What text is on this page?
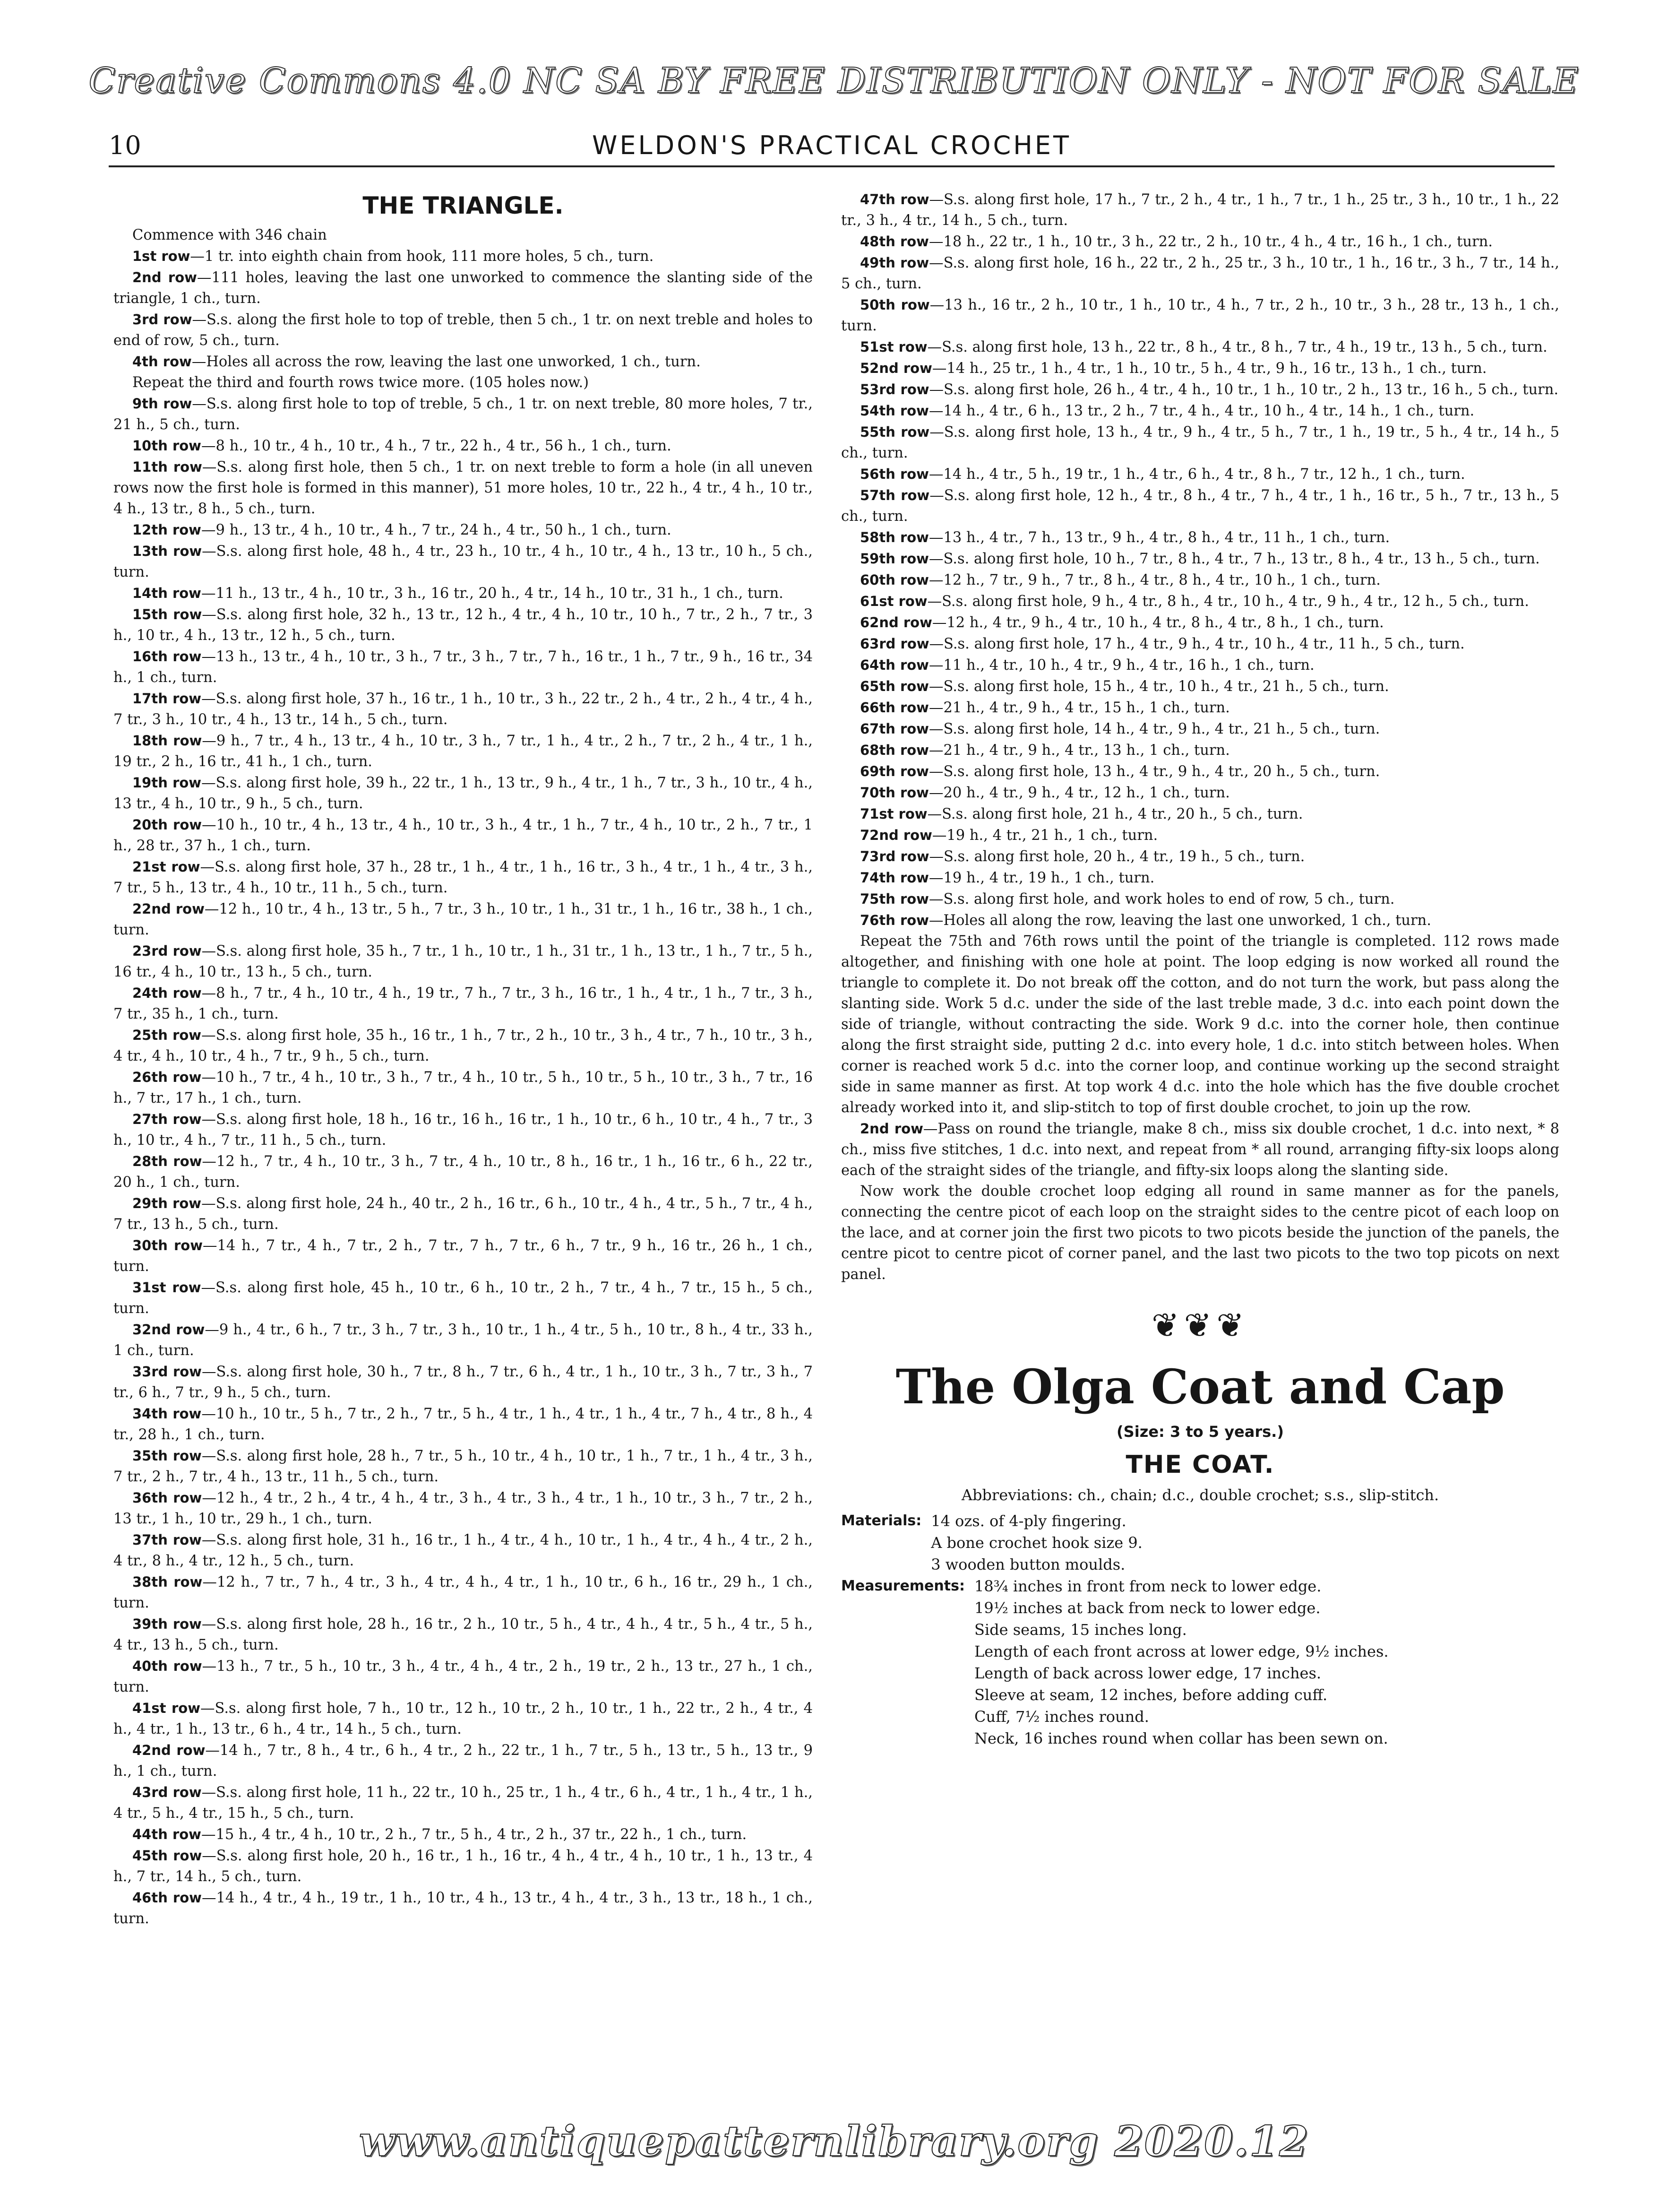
Creative Commons 4.0 NC SA BY FREE DISTRIBUTION ONLY - NOT FOR SALE
10	WELDON'S PRACTICAL CROCHET
THE TRIANGLE.

Commence with 346 chain

1st row—1 tr. into eighth chain from hook, 111 more holes, 5 ch., turn.

2nd row—111 holes, leaving the last one unworked to commence the slanting side of the triangle, 1 ch., turn.

3rd row—S.s. along the first hole to top of treble, then 5 ch., 1 tr. on next treble and holes to end of row, 5 ch., turn.

4th row—Holes all across the row, leaving the last one unworked, 1 ch., turn.

Repeat the third and fourth rows twice more. (105 holes now.)

9th row—S.s. along first hole to top of treble, 5 ch., 1 tr. on next treble, 80 more holes, 7 tr., 21 h., 5 ch., turn.

10th row—8 h., 10 tr., 4 h., 10 tr., 4 h., 7 tr., 22 h., 4 tr., 56 h., 1 ch., turn.

11th row—S.s. along first hole, then 5 ch., 1 tr. on next treble to form a hole (in all uneven rows now the first hole is formed in this manner), 51 more holes, 10 tr., 22 h., 4 tr., 4 h., 10 tr., 4 h., 13 tr., 8 h., 5 ch., turn.

12th row—9 h., 13 tr., 4 h., 10 tr., 4 h., 7 tr., 24 h., 4 tr., 50 h., 1 ch., turn.

13th row—S.s. along first hole, 48 h., 4 tr., 23 h., 10 tr., 4 h., 10 tr., 4 h., 13 tr., 10 h., 5 ch., turn.

14th row—11 h., 13 tr., 4 h., 10 tr., 3 h., 16 tr., 20 h., 4 tr., 14 h., 10 tr., 31 h., 1 ch., turn.

15th row—S.s. along first hole, 32 h., 13 tr., 12 h., 4 tr., 4 h., 10 tr., 10 h., 7 tr., 2 h., 7 tr., 3 h., 10 tr., 4 h., 13 tr., 12 h., 5 ch., turn.

16th row—13 h., 13 tr., 4 h., 10 tr., 3 h., 7 tr., 3 h., 7 tr., 7 h., 16 tr., 1 h., 7 tr., 9 h., 16 tr., 34 h., 1 ch., turn.

17th row—S.s. along first hole, 37 h., 16 tr., 1 h., 10 tr., 3 h., 22 tr., 2 h., 4 tr., 2 h., 4 tr., 4 h., 7 tr., 3 h., 10 tr., 4 h., 13 tr., 14 h., 5 ch., turn.

18th row—9 h., 7 tr., 4 h., 13 tr., 4 h., 10 tr., 3 h., 7 tr., 1 h., 4 tr., 2 h., 7 tr., 2 h., 4 tr., 1 h., 19 tr., 2 h., 16 tr., 41 h., 1 ch., turn.

19th row—S.s. along first hole, 39 h., 22 tr., 1 h., 13 tr., 9 h., 4 tr., 1 h., 7 tr., 3 h., 10 tr., 4 h., 13 tr., 4 h., 10 tr., 9 h., 5 ch., turn.

20th row—10 h., 10 tr., 4 h., 13 tr., 4 h., 10 tr., 3 h., 4 tr., 1 h., 7 tr., 4 h., 10 tr., 2 h., 7 tr., 1 h., 28 tr., 37 h., 1 ch., turn.

21st row—S.s. along first hole, 37 h., 28 tr., 1 h., 4 tr., 1 h., 16 tr., 3 h., 4 tr., 1 h., 4 tr., 3 h., 7 tr., 5 h., 13 tr., 4 h., 10 tr., 11 h., 5 ch., turn.

22nd row—12 h., 10 tr., 4 h., 13 tr., 5 h., 7 tr., 3 h., 10 tr., 1 h., 31 tr., 1 h., 16 tr., 38 h., 1 ch., turn.

23rd row—S.s. along first hole, 35 h., 7 tr., 1 h., 10 tr., 1 h., 31 tr., 1 h., 13 tr., 1 h., 7 tr., 5 h., 16 tr., 4 h., 10 tr., 13 h., 5 ch., turn.

24th row—8 h., 7 tr., 4 h., 10 tr., 4 h., 19 tr., 7 h., 7 tr., 3 h., 16 tr., 1 h., 4 tr., 1 h., 7 tr., 3 h., 7 tr., 35 h., 1 ch., turn.

25th row—S.s. along first hole, 35 h., 16 tr., 1 h., 7 tr., 2 h., 10 tr., 3 h., 4 tr., 7 h., 10 tr., 3 h., 4 tr., 4 h., 10 tr., 4 h., 7 tr., 9 h., 5 ch., turn.

26th row—10 h., 7 tr., 4 h., 10 tr., 3 h., 7 tr., 4 h., 10 tr., 5 h., 10 tr., 5 h., 10 tr., 3 h., 7 tr., 16 h., 7 tr., 17 h., 1 ch., turn.

27th row—S.s. along first hole, 18 h., 16 tr., 16 h., 16 tr., 1 h., 10 tr., 6 h., 10 tr., 4 h., 7 tr., 3 h., 10 tr., 4 h., 7 tr., 11 h., 5 ch., turn.

28th row—12 h., 7 tr., 4 h., 10 tr., 3 h., 7 tr., 4 h., 10 tr., 8 h., 16 tr., 1 h., 16 tr., 6 h., 22 tr., 20 h., 1 ch., turn.

29th row—S.s. along first hole, 24 h., 40 tr., 2 h., 16 tr., 6 h., 10 tr., 4 h., 4 tr., 5 h., 7 tr., 4 h., 7 tr., 13 h., 5 ch., turn.

30th row—14 h., 7 tr., 4 h., 7 tr., 2 h., 7 tr., 7 h., 7 tr., 6 h., 7 tr., 9 h., 16 tr., 26 h., 1 ch., turn.

31st row—S.s. along first hole, 45 h., 10 tr., 6 h., 10 tr., 2 h., 7 tr., 4 h., 7 tr., 15 h., 5 ch., turn.

32nd row—9 h., 4 tr., 6 h., 7 tr., 3 h., 7 tr., 3 h., 10 tr., 1 h., 4 tr., 5 h., 10 tr., 8 h., 4 tr., 33 h., 1 ch., turn.

33rd row—S.s. along first hole, 30 h., 7 tr., 8 h., 7 tr., 6 h., 4 tr., 1 h., 10 tr., 3 h., 7 tr., 3 h., 7 tr., 6 h., 7 tr., 9 h., 5 ch., turn.

34th row—10 h., 10 tr., 5 h., 7 tr., 2 h., 7 tr., 5 h., 4 tr., 1 h., 4 tr., 1 h., 4 tr., 7 h., 4 tr., 8 h., 4 tr., 28 h., 1 ch., turn.

35th row—S.s. along first hole, 28 h., 7 tr., 5 h., 10 tr., 4 h., 10 tr., 1 h., 7 tr., 1 h., 4 tr., 3 h., 7 tr., 2 h., 7 tr., 4 h., 13 tr., 11 h., 5 ch., turn.

36th row—12 h., 4 tr., 2 h., 4 tr., 4 h., 4 tr., 3 h., 4 tr., 3 h., 4 tr., 1 h., 10 tr., 3 h., 7 tr., 2 h., 13 tr., 1 h., 10 tr., 29 h., 1 ch., turn.

37th row—S.s. along first hole, 31 h., 16 tr., 1 h., 4 tr., 4 h., 10 tr., 1 h., 4 tr., 4 h., 4 tr., 2 h., 4 tr., 8 h., 4 tr., 12 h., 5 ch., turn.

38th row—12 h., 7 tr., 7 h., 4 tr., 3 h., 4 tr., 4 h., 4 tr., 1 h., 10 tr., 6 h., 16 tr., 29 h., 1 ch., turn.

39th row—S.s. along first hole, 28 h., 16 tr., 2 h., 10 tr., 5 h., 4 tr., 4 h., 4 tr., 5 h., 4 tr., 5 h., 4 tr., 13 h., 5 ch., turn.

40th row—13 h., 7 tr., 5 h., 10 tr., 3 h., 4 tr., 4 h., 4 tr., 2 h., 19 tr., 2 h., 13 tr., 27 h., 1 ch., turn.

41st row—S.s. along first hole, 7 h., 10 tr., 12 h., 10 tr., 2 h., 10 tr., 1 h., 22 tr., 2 h., 4 tr., 4 h., 4 tr., 1 h., 13 tr., 6 h., 4 tr., 14 h., 5 ch., turn.

42nd row—14 h., 7 tr., 8 h., 4 tr., 6 h., 4 tr., 2 h., 22 tr., 1 h., 7 tr., 5 h., 13 tr., 5 h., 13 tr., 9 h., 1 ch., turn.

43rd row—S.s. along first hole, 11 h., 22 tr., 10 h., 25 tr., 1 h., 4 tr., 6 h., 4 tr., 1 h., 4 tr., 1 h., 4 tr., 5 h., 4 tr., 15 h., 5 ch., turn.

44th row—15 h., 4 tr., 4 h., 10 tr., 2 h., 7 tr., 5 h., 4 tr., 2 h., 37 tr., 22 h., 1 ch., turn.

45th row—S.s. along first hole, 20 h., 16 tr., 1 h., 16 tr., 4 h., 4 tr., 4 h., 10 tr., 1 h., 13 tr., 4 h., 7 tr., 14 h., 5 ch., turn.

46th row—14 h., 4 tr., 4 h., 19 tr., 1 h., 10 tr., 4 h., 13 tr., 4 h., 4 tr., 3 h., 13 tr., 18 h., 1 ch., turn.

47th row—S.s. along first hole, 17 h., 7 tr., 2 h., 4 tr., 1 h., 7 tr., 1 h., 25 tr., 3 h., 10 tr., 1 h., 22 tr., 3 h., 4 tr., 14 h., 5 ch., turn.

48th row—18 h., 22 tr., 1 h., 10 tr., 3 h., 22 tr., 2 h., 10 tr., 4 h., 4 tr., 16 h., 1 ch., turn.

49th row—S.s. along first hole, 16 h., 22 tr., 2 h., 25 tr., 3 h., 10 tr., 1 h., 16 tr., 3 h., 7 tr., 14 h., 5 ch., turn.

50th row—13 h., 16 tr., 2 h., 10 tr., 1 h., 10 tr., 4 h., 7 tr., 2 h., 10 tr., 3 h., 28 tr., 13 h., 1 ch., turn.

51st row—S.s. along first hole, 13 h., 22 tr., 8 h., 4 tr., 8 h., 7 tr., 4 h., 19 tr., 13 h., 5 ch., turn.

52nd row—14 h., 25 tr., 1 h., 4 tr., 1 h., 10 tr., 5 h., 4 tr., 9 h., 16 tr., 13 h., 1 ch., turn.

53rd row—S.s. along first hole, 26 h., 4 tr., 4 h., 10 tr., 1 h., 10 tr., 2 h., 13 tr., 16 h., 5 ch., turn.

54th row—14 h., 4 tr., 6 h., 13 tr., 2 h., 7 tr., 4 h., 4 tr., 10 h., 4 tr., 14 h., 1 ch., turn.

55th row—S.s. along first hole, 13 h., 4 tr., 9 h., 4 tr., 5 h., 7 tr., 1 h., 19 tr., 5 h., 4 tr., 14 h., 5 ch., turn.

56th row—14 h., 4 tr., 5 h., 19 tr., 1 h., 4 tr., 6 h., 4 tr., 8 h., 7 tr., 12 h., 1 ch., turn.

57th row—S.s. along first hole, 12 h., 4 tr., 8 h., 4 tr., 7 h., 4 tr., 1 h., 16 tr., 5 h., 7 tr., 13 h., 5 ch., turn.

58th row—13 h., 4 tr., 7 h., 13 tr., 9 h., 4 tr., 8 h., 4 tr., 11 h., 1 ch., turn.

59th row—S.s. along first hole, 10 h., 7 tr., 8 h., 4 tr., 7 h., 13 tr., 8 h., 4 tr., 13 h., 5 ch., turn.

60th row—12 h., 7 tr., 9 h., 7 tr., 8 h., 4 tr., 8 h., 4 tr., 10 h., 1 ch., turn.

61st row—S.s. along first hole, 9 h., 4 tr., 8 h., 4 tr., 10 h., 4 tr., 9 h., 4 tr., 12 h., 5 ch., turn.

62nd row—12 h., 4 tr., 9 h., 4 tr., 10 h., 4 tr., 8 h., 4 tr., 8 h., 1 ch., turn.

63rd row—S.s. along first hole, 17 h., 4 tr., 9 h., 4 tr., 10 h., 4 tr., 11 h., 5 ch., turn.

64th row—11 h., 4 tr., 10 h., 4 tr., 9 h., 4 tr., 16 h., 1 ch., turn.

65th row—S.s. along first hole, 15 h., 4 tr., 10 h., 4 tr., 21 h., 5 ch., turn.

66th row—21 h., 4 tr., 9 h., 4 tr., 15 h., 1 ch., turn.

67th row—S.s. along first hole, 14 h., 4 tr., 9 h., 4 tr., 21 h., 5 ch., turn.

68th row—21 h., 4 tr., 9 h., 4 tr., 13 h., 1 ch., turn.

69th row—S.s. along first hole, 13 h., 4 tr., 9 h., 4 tr., 20 h., 5 ch., turn.

70th row—20 h., 4 tr., 9 h., 4 tr., 12 h., 1 ch., turn.

71st row—S.s. along first hole, 21 h., 4 tr., 20 h., 5 ch., turn.

72nd row—19 h., 4 tr., 21 h., 1 ch., turn.

73rd row—S.s. along first hole, 20 h., 4 tr., 19 h., 5 ch., turn.

74th row—19 h., 4 tr., 19 h., 1 ch., turn.

75th row—S.s. along first hole, and work holes to end of row, 5 ch., turn.

76th row—Holes all along the row, leaving the last one unworked, 1 ch., turn.

Repeat the 75th and 76th rows until the point of the triangle is completed. 112 rows made altogether, and finishing with one hole at point. The loop edging is now worked all round the triangle to complete it. Do not break off the cotton, and do not turn the work, but pass along the slanting side. Work 5 d.c. under the side of the last treble made, 3 d.c. into each point down the side of triangle, without contracting the side. Work 9 d.c. into the corner hole, then continue along the first straight side, putting 2 d.c. into every hole, 1 d.c. into stitch between holes. When corner is reached work 5 d.c. into the corner loop, and continue working up the second straight side in same manner as first. At top work 4 d.c. into the hole which has the five double crochet already worked into it, and slip-stitch to top of first double crochet, to join up the row.

2nd row—Pass on round the triangle, make 8 ch., miss six double crochet, 1 d.c. into next, * 8 ch., miss five stitches, 1 d.c. into next, and repeat from * all round, arranging fifty-six loops along each of the straight sides of the triangle, and fifty-six loops along the slanting side.

Now work the double crochet loop edging all round in same manner as for the panels, connecting the centre picot of each loop on the straight sides to the centre picot of each loop on the lace, and at corner join the first two picots to two picots beside the junction of the panels, the centre picot to centre picot of corner panel, and the last two picots to the two top picots on next panel.

❦❦❦
The Olga Coat and Cap
(Size: 3 to 5 years.)
THE COAT.
Abbreviations: ch., chain; d.c., double crochet; s.s., slip-stitch.
Materials: 14 ozs. of 4-ply fingering.
A bone crochet hook size 9.
3 wooden button moulds.
Measurements: 18¾ inches in front from neck to lower edge.
19½ inches at back from neck to lower edge.
Side seams, 15 inches long.
Length of each front across at lower edge, 9½ inches.
Length of back across lower edge, 17 inches.
Sleeve at seam, 12 inches, before adding cuff.
Cuff, 7½ inches round.
Neck, 16 inches round when collar has been sewn on.
www.antiquepatternlibrary.org 2020.12
